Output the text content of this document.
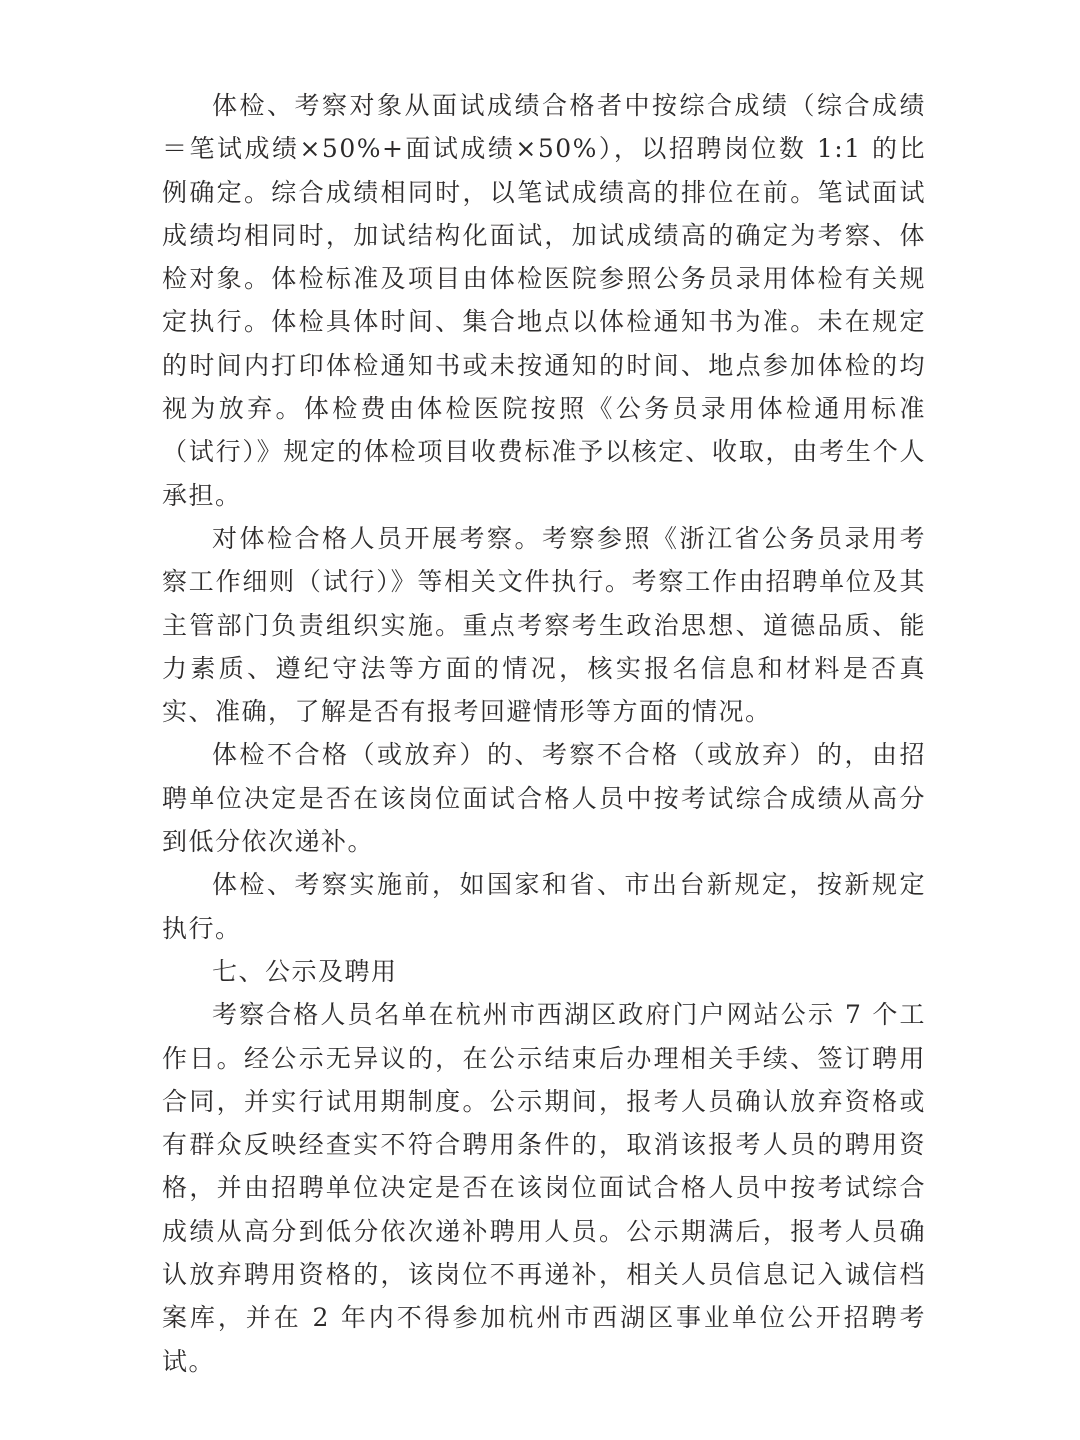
体检、考察对象从面试成绩合格者中按综合成绩（综合成绩＝笔试成绩×50%+面试成绩×50%），以招聘岗位数 1:1 的比例确定。综合成绩相同时，以笔试成绩高的排位在前。笔试面试成绩均相同时，加试结构化面试，加试成绩高的确定为考察、体检对象。体检标准及项目由体检医院参照公务员录用体检有关规定执行。体检具体时间、集合地点以体检通知书为准。未在规定的时间内打印体检通知书或未按通知的时间、地点参加体检的均视为放弃。体检费由体检医院按照《公务员录用体检通用标准（试行）》规定的体检项目收费标准予以核定、收取，由考生个人承担。

对体检合格人员开展考察。考察参照《浙江省公务员录用考察工作细则（试行）》等相关文件执行。考察工作由招聘单位及其主管部门负责组织实施。重点考察考生政治思想、道德品质、能力素质、遵纪守法等方面的情况，核实报名信息和材料是否真实、准确，了解是否有报考回避情形等方面的情况。

体检不合格（或放弃）的、考察不合格（或放弃）的，由招聘单位决定是否在该岗位面试合格人员中按考试综合成绩从高分到低分依次递补。

体检、考察实施前，如国家和省、市出台新规定，按新规定执行。

七、公示及聘用

考察合格人员名单在杭州市西湖区政府门户网站公示 7 个工作日。经公示无异议的，在公示结束后办理相关手续、签订聘用合同，并实行试用期制度。公示期间，报考人员确认放弃资格或有群众反映经查实不符合聘用条件的，取消该报考人员的聘用资格，并由招聘单位决定是否在该岗位面试合格人员中按考试综合成绩从高分到低分依次递补聘用人员。公示期满后，报考人员确认放弃聘用资格的，该岗位不再递补，相关人员信息记入诚信档案库，并在 2 年内不得参加杭州市西湖区事业单位公开招聘考试。
